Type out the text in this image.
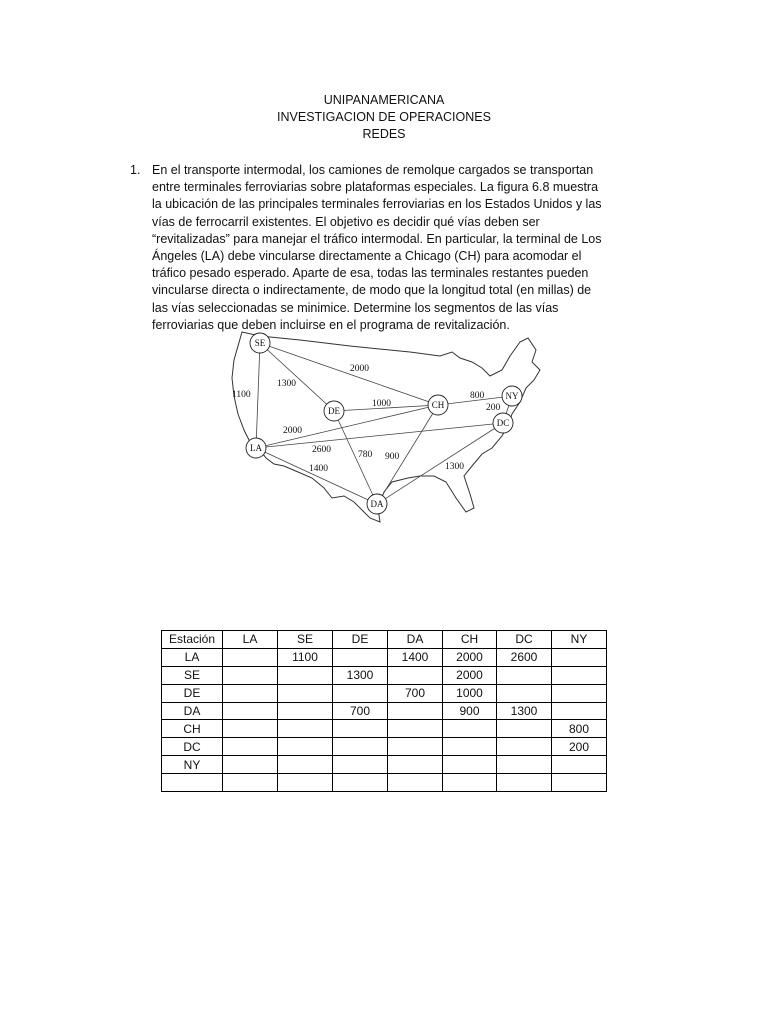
UNIPANAMERICANA
INVESTIGACION DE OPERACIONES
REDES
1. En el transporte intermodal, los camiones de remolque cargados se transportan entre terminales ferroviarias sobre plataformas especiales. La figura 6.8 muestra la ubicación de las principales terminales ferroviarias en los Estados Unidos y las vías de ferrocarril existentes. El objetivo es decidir qué vías deben ser “revitalizadas” para manejar el tráfico intermodal. En particular, la terminal de Los Ángeles (LA) debe vincularse directamente a Chicago (CH) para acomodar el tráfico pesado esperado. Aparte de esa, todas las terminales restantes pueden vincularse directa o indirectamente, de modo que la longitud total (en millas) de las vías seleccionadas se minimice. Determine los segmentos de las vías ferroviarias que deben incluirse en el programa de revitalización.
2000
1300
1100
1000
800
200
2000
2600
1400
780 900
1300
SE
DE
CH
NY
DC
LA
DA
Estación	LA	SE	DE	DA	CH	DC	NY
LA		1100		1400	2000	2600	
SE			1300		2000		
DE				700	1000		
DA			700		900	1300	
CH							800
DC							200
NY							
